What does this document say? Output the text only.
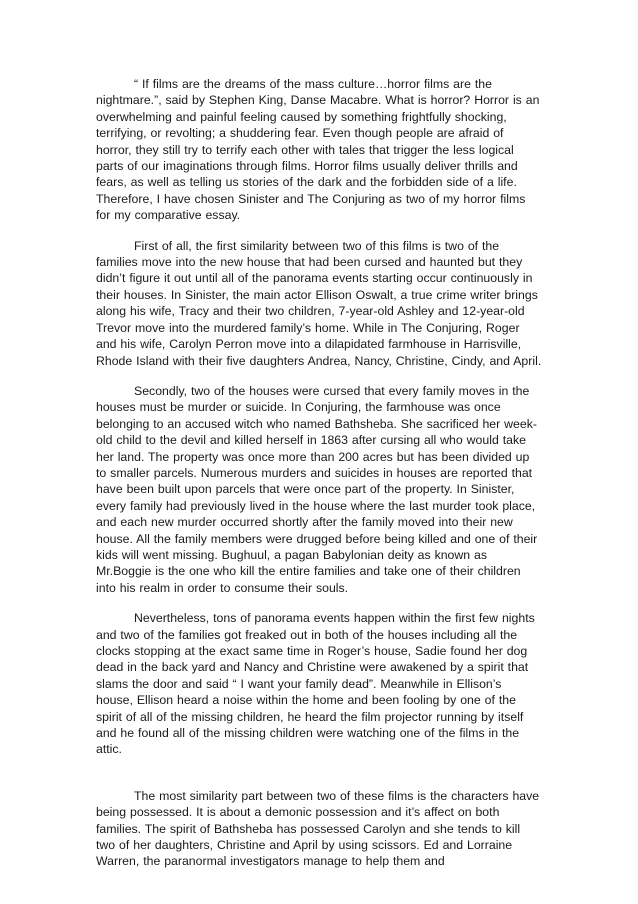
“ If films are the dreams of the mass culture…horror films are the nightmare.”, said by Stephen King, Danse Macabre. What is horror? Horror is an overwhelming and painful feeling caused by something frightfully shocking, terrifying, or revolting; a shuddering fear. Even though people are afraid of horror, they still try to terrify each other with tales that trigger the less logical parts of our imaginations through films. Horror films usually deliver thrills and fears, as well as telling us stories of the dark and the forbidden side of a life. Therefore, I have chosen Sinister and The Conjuring as two of my horror films for my comparative essay.

First of all, the first similarity between two of this films is two of the families move into the new house that had been cursed and haunted but they didn’t figure it out until all of the panorama events starting occur continuously in their houses. In Sinister, the main actor Ellison Oswalt, a true crime writer brings along his wife, Tracy and their two children, 7-year-old Ashley and 12-year-old Trevor move into the murdered family’s home. While in The Conjuring, Roger and his wife, Carolyn Perron move into a dilapidated farmhouse in Harrisville, Rhode Island with their five daughters Andrea, Nancy, Christine, Cindy, and April.

Secondly, two of the houses were cursed that every family moves in the houses must be murder or suicide. In Conjuring, the farmhouse was once belonging to an accused witch who named Bathsheba. She sacrificed her week-old child to the devil and killed herself in 1863 after cursing all who would take her land. The property was once more than 200 acres but has been divided up to smaller parcels. Numerous murders and suicides in houses are reported that have been built upon parcels that were once part of the property. In Sinister, every family had previously lived in the house where the last murder took place, and each new murder occurred shortly after the family moved into their new house. All the family members were drugged before being killed and one of their kids will went missing. Bughuul, a pagan Babylonian deity as known as Mr.Boggie is the one who kill the entire families and take one of their children into his realm in order to consume their souls.

Nevertheless, tons of panorama events happen within the first few nights and two of the families got freaked out in both of the houses including all the clocks stopping at the exact same time in Roger’s house, Sadie found her dog dead in the back yard and Nancy and Christine were awakened by a spirit that slams the door and said “ I want your family dead”. Meanwhile in Ellison’s house, Ellison heard a noise within the home and been fooling by one of the spirit of all of the missing children, he heard the film projector running by itself and he found all of the missing children were watching one of the films in the attic.

The most similarity part between two of these films is the characters have being possessed. It is about a demonic possession and it’s affect on both families. The spirit of Bathsheba has possessed Carolyn and she tends to kill two of her daughters, Christine and April by using scissors. Ed and Lorraine Warren, the paranormal investigators manage to help them and
